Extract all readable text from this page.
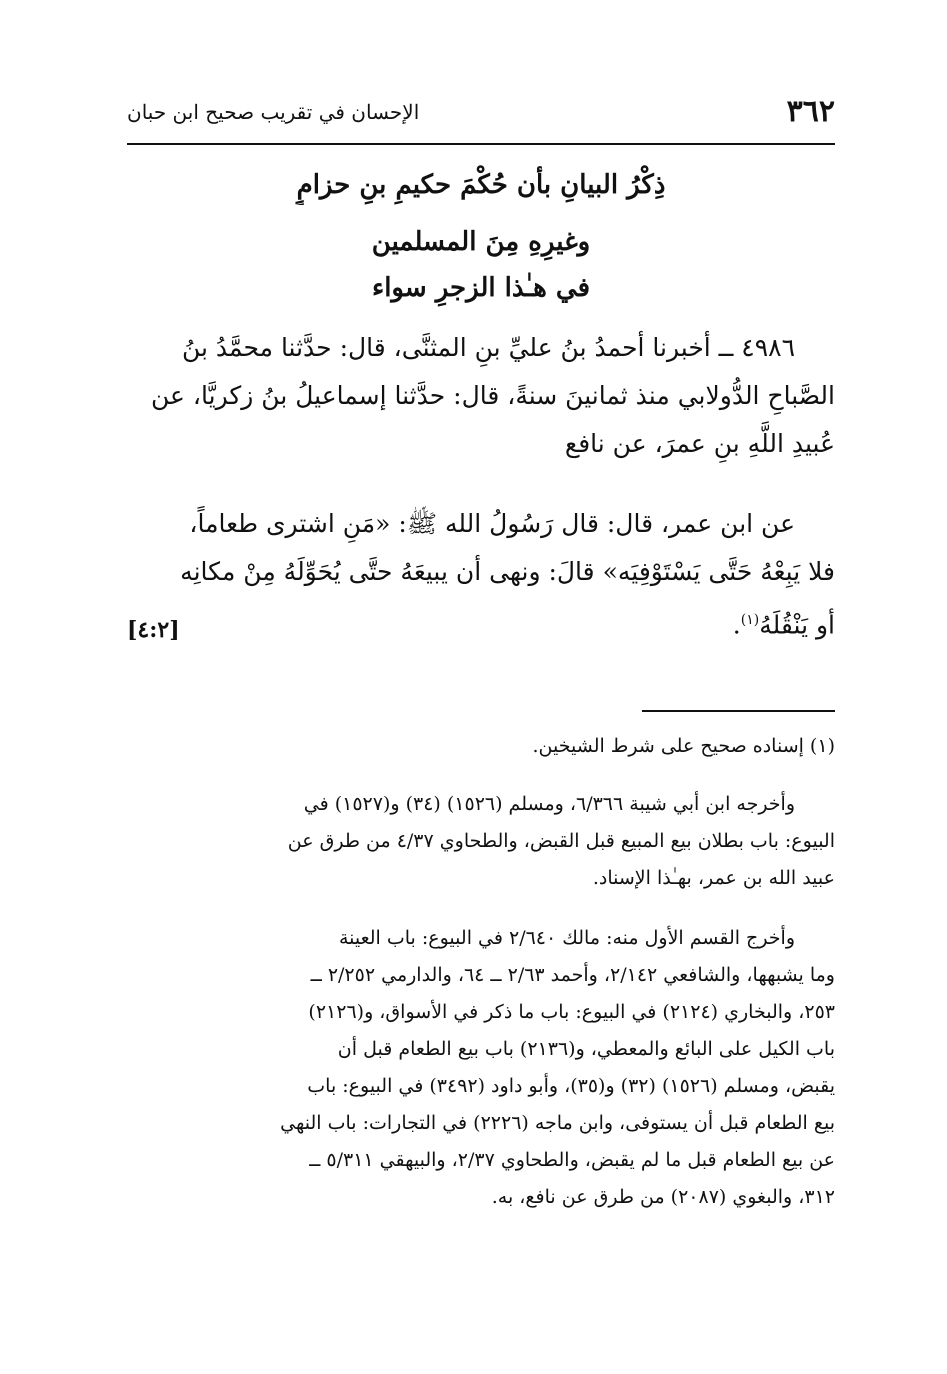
٣٦٢
الإحسان في تقريب صحيح ابن حبان
ذِكْرُ البيانِ بأن حُكْمَ حكيمِ بنِ حزامٍ
وغيرِهِ مِنَ المسلمين
في هـٰذا الزجرِ سواء
٤٩٨٦ ــ أخبرنا أحمدُ بنُ عليِّ بنِ المثنَّى، قال: حدَّثنا محمَّدُ بنُ
الصَّباحِ الدُّولابي منذ ثمانينَ سنةً، قال: حدَّثنا إسماعيلُ بنُ زكريَّا، عن
عُبيدِ اللَّهِ بنِ عمرَ، عن نافع
عن ابن عمر، قال: قال رَسُولُ الله ﷺ: «مَنِ اشترى طعاماً،
فلا يَبِعْهُ حَتَّى يَسْتَوْفِيَه» قالَ: ونهى أن يبيعَهُ حتَّى يُحَوِّلَهُ مِنْ مكانِه
أو يَنْقُلَهُ$^{(١)}$.
[٤:٢]
(١) إسناده صحيح على شرط الشيخين.
وأخرجه ابن أبي شيبة ٦/٣٦٦، ومسلم (١٥٢٦) (٣٤) و(١٥٢٧) في
البيوع: باب بطلان بيع المبيع قبل القبض، والطحاوي ٤/٣٧ من طرق عن
عبيد الله بن عمر، بهـٰذا الإسناد.
وأخرج القسم الأول منه: مالك ٢/٦٤٠ في البيوع: باب العينة
وما يشبهها، والشافعي ٢/١٤٢، وأحمد ٢/٦٣ ــ ٦٤، والدارمي ٢/٢٥٢ ــ
٢٥٣، والبخاري (٢١٢٤) في البيوع: باب ما ذكر في الأسواق، و(٢١٢٦)
باب الكيل على البائع والمعطي، و(٢١٣٦) باب بيع الطعام قبل أن
يقبض، ومسلم (١٥٢٦) (٣٢) و(٣٥)، وأبو داود (٣٤٩٢) في البيوع: باب
بيع الطعام قبل أن يستوفى، وابن ماجه (٢٢٢٦) في التجارات: باب النهي
عن بيع الطعام قبل ما لم يقبض، والطحاوي ٢/٣٧، والبيهقي ٥/٣١١ ــ
٣١٢، والبغوي (٢٠٨٧) من طرق عن نافع، به.
